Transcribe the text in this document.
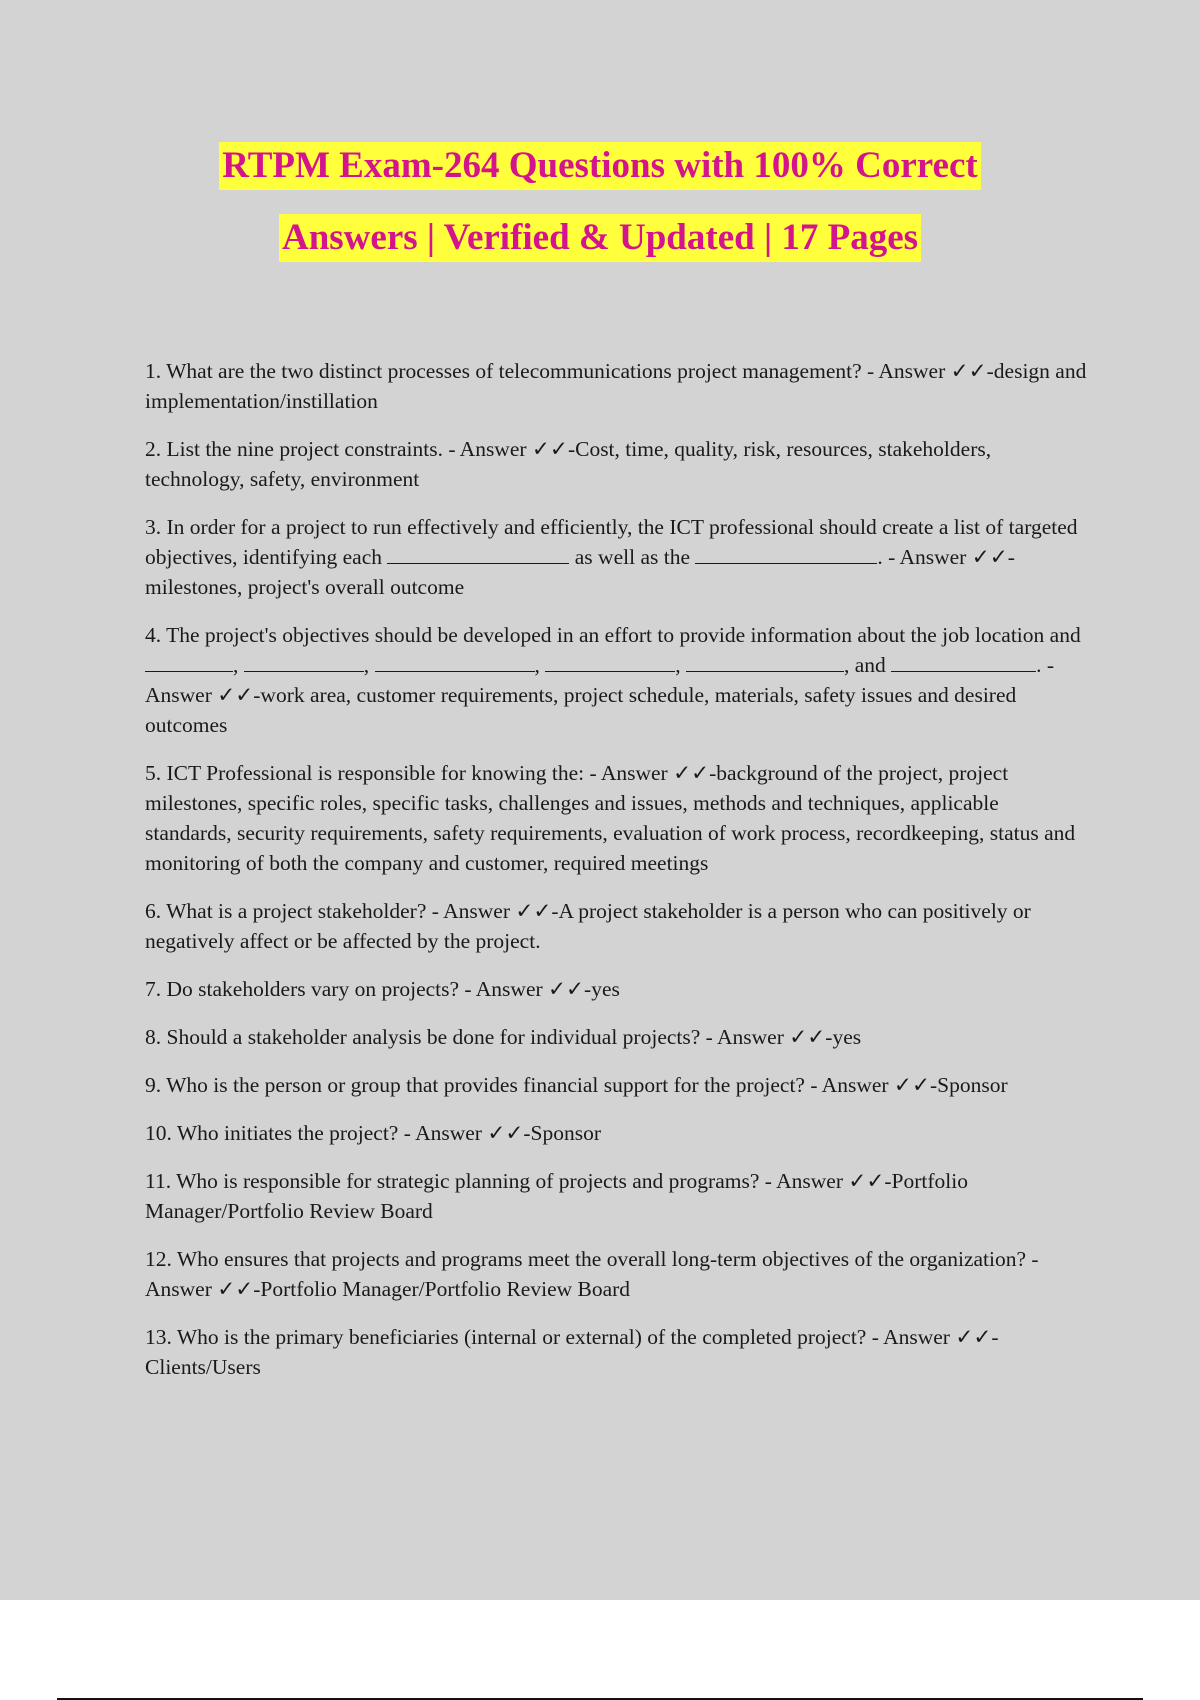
RTPM Exam-264 Questions with 100% Correct
Answers | Verified & Updated | 17 Pages

1. What are the two distinct processes of telecommunications project management? - Answer ✓✓-design and implementation/instillation

2. List the nine project constraints. - Answer ✓✓-Cost, time, quality, risk, resources, stakeholders, technology, safety, environment

3. In order for a project to run effectively and efficiently, the ICT professional should create a list of targeted objectives, identifying each	as well as the	. - Answer ✓✓-milestones, project's overall outcome

4. The project's objectives should be developed in an effort to provide information about the job location and ,	,	,	,	, and	. - Answer ✓✓-work area, customer requirements, project schedule, materials, safety issues and desired outcomes

5. ICT Professional is responsible for knowing the: - Answer ✓✓-background of the project, project milestones, specific roles, specific tasks, challenges and issues, methods and techniques, applicable standards, security requirements, safety requirements, evaluation of work process, recordkeeping, status and monitoring of both the company and customer, required meetings

6. What is a project stakeholder? - Answer ✓✓-A project stakeholder is a person who can positively or negatively affect or be affected by the project.

7. Do stakeholders vary on projects? - Answer ✓✓-yes

8. Should a stakeholder analysis be done for individual projects? - Answer ✓✓-yes

9. Who is the person or group that provides financial support for the project? - Answer ✓✓-Sponsor

10. Who initiates the project? - Answer ✓✓-Sponsor

11. Who is responsible for strategic planning of projects and programs? - Answer ✓✓-Portfolio Manager/Portfolio Review Board

12. Who ensures that projects and programs meet the overall long-term objectives of the organization? - Answer ✓✓-Portfolio Manager/Portfolio Review Board

13. Who is the primary beneficiaries (internal or external) of the completed project? - Answer ✓✓-Clients/Users
